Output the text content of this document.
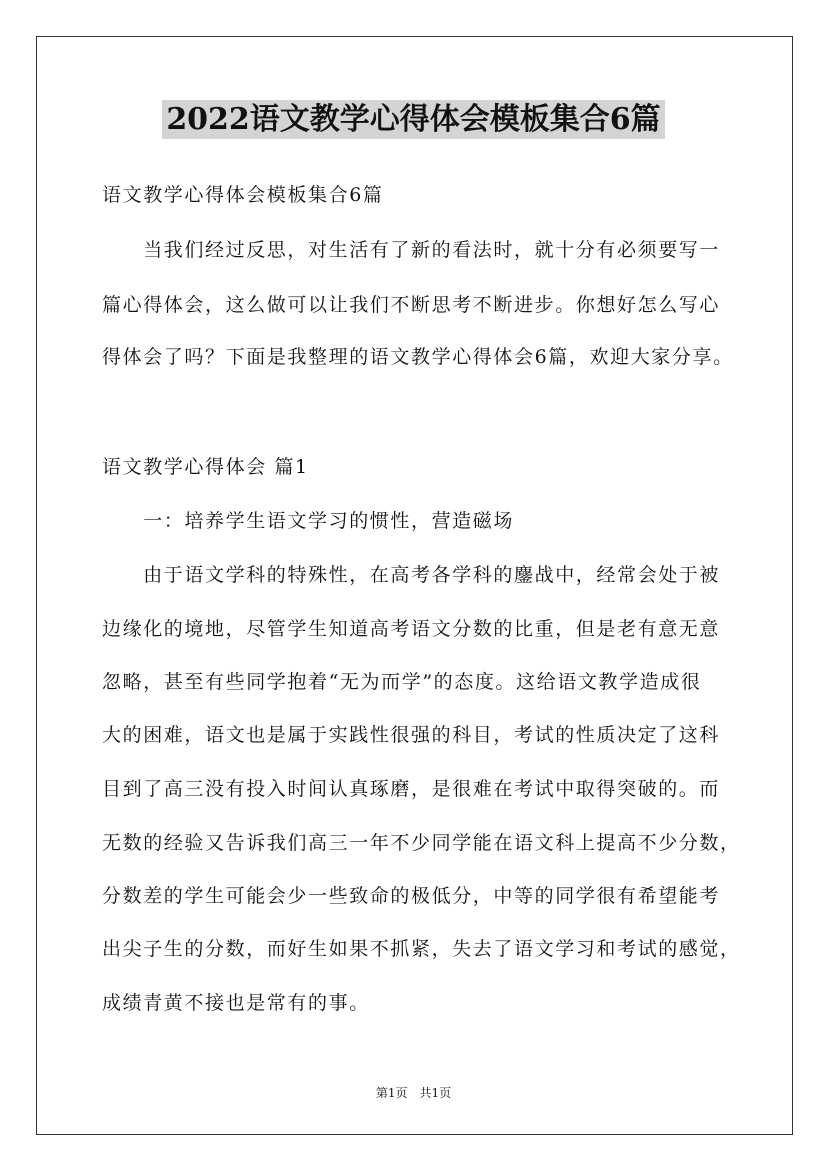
2022语文教学心得体会模板集合6篇
语文教学心得体会模板集合6篇
　　当我们经过反思，对生活有了新的看法时，就十分有必须要写一
篇心得体会，这么做可以让我们不断思考不断进步。你想好怎么写心
得体会了吗？下面是我整理的语文教学心得体会6篇，欢迎大家分享。
语文教学心得体会 篇1
　　一：培养学生语文学习的惯性，营造磁场
　　由于语文学科的特殊性，在高考各学科的鏖战中，经常会处于被
边缘化的境地，尽管学生知道高考语文分数的比重，但是老有意无意
忽略，甚至有些同学抱着“无为而学”的态度。这给语文教学造成很
大的困难，语文也是属于实践性很强的科目，考试的性质决定了这科
目到了高三没有投入时间认真琢磨，是很难在考试中取得突破的。而
无数的经验又告诉我们高三一年不少同学能在语文科上提高不少分数，
分数差的学生可能会少一些致命的极低分，中等的同学很有希望能考
出尖子生的分数，而好生如果不抓紧，失去了语文学习和考试的感觉，
成绩青黄不接也是常有的事。
第1页　共1页
